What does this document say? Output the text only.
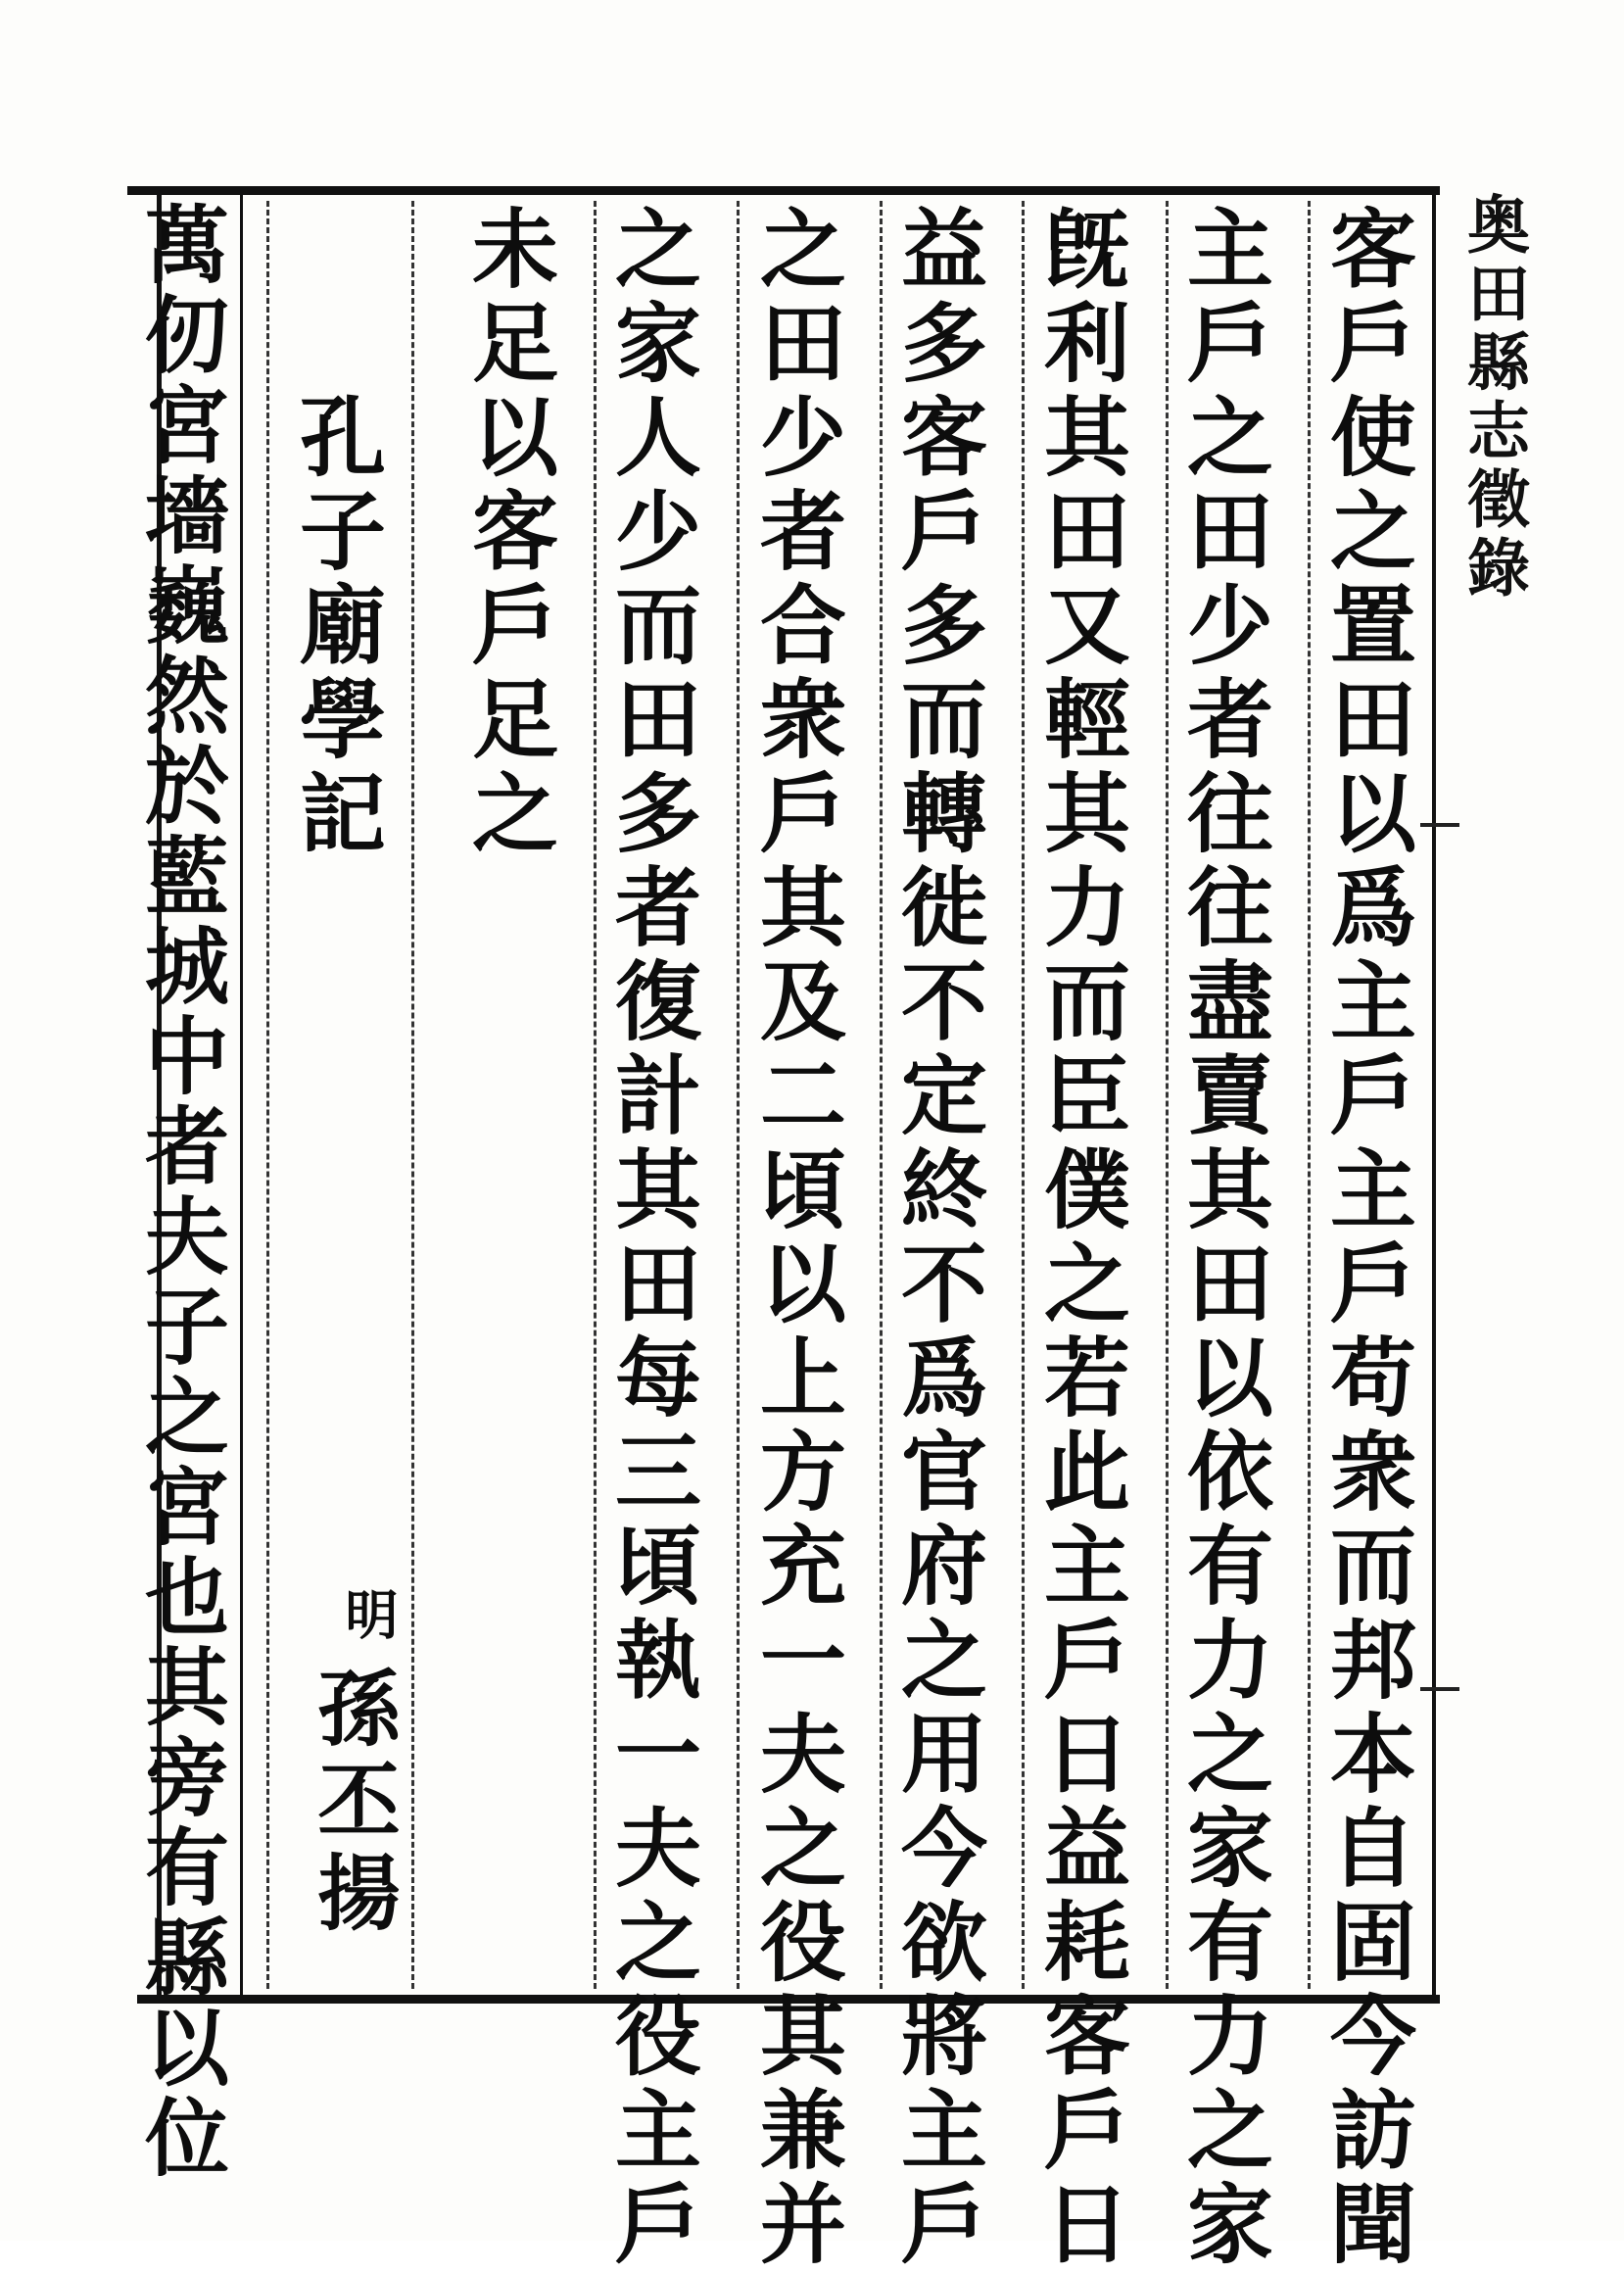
奥田縣志徵錄
客戶使之置田以爲主戶主戶苟衆而邦本自固今訪聞
主戶之田少者往往盡賣其田以依有力之家有力之家
旣利其田又輕其力而臣僕之若此主戶日益耗客戶日
益多客戶多而轉徙不定終不爲官府之用今欲將主戶
之田少者合衆戶其及二頃以上方充一夫之役其兼并
之家人少而田多者復計其田每三頃執一夫之役主戶
未足以客戶足之
孔子廟學記
明
孫丕揚
萬仞宮墻巍然於藍城中者夫子之宮也其旁有縣以位
